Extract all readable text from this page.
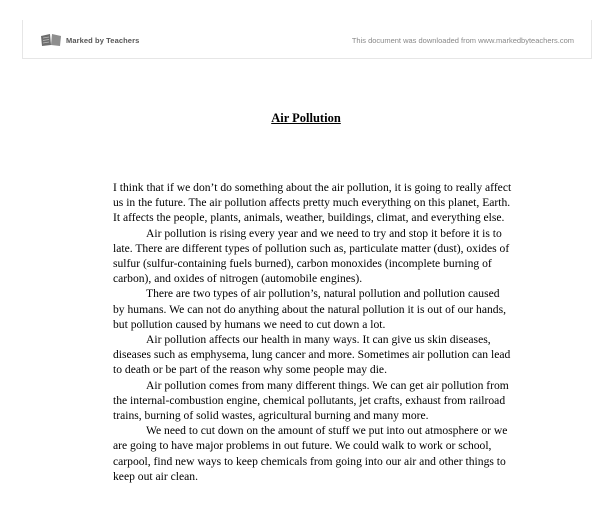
Marked by Teachers	This document was downloaded from www.markedbyteachers.com
Air Pollution

I think that if we don’t do something about the air pollution, it is going to really affect us in the future. The air pollution affects pretty much everything on this planet, Earth. It affects the people, plants, animals, weather, buildings, climat, and everything else.

Air pollution is rising every year and we need to try and stop it before it is to late. There are different types of pollution such as, particulate matter (dust), oxides of sulfur (sulfur-containing fuels burned), carbon monoxides (incomplete burning of carbon), and oxides of nitrogen (automobile engines).

There are two types of air pollution’s, natural pollution and pollution caused by humans. We can not do anything about the natural pollution it is out of our hands, but pollution caused by humans we need to cut down a lot.

Air pollution affects our health in many ways. It can give us skin diseases, diseases such as emphysema, lung cancer and more. Sometimes air pollution can lead to death or be part of the reason why some people may die.

Air pollution comes from many different things. We can get air pollution from the internal-combustion engine, chemical pollutants, jet crafts, exhaust from railroad trains, burning of solid wastes, agricultural burning and many more.

We need to cut down on the amount of stuff we put into out atmosphere or we are going to have major problems in out future. We could walk to work or school, carpool, find new ways to keep chemicals from going into our air and other things to keep out air clean.
